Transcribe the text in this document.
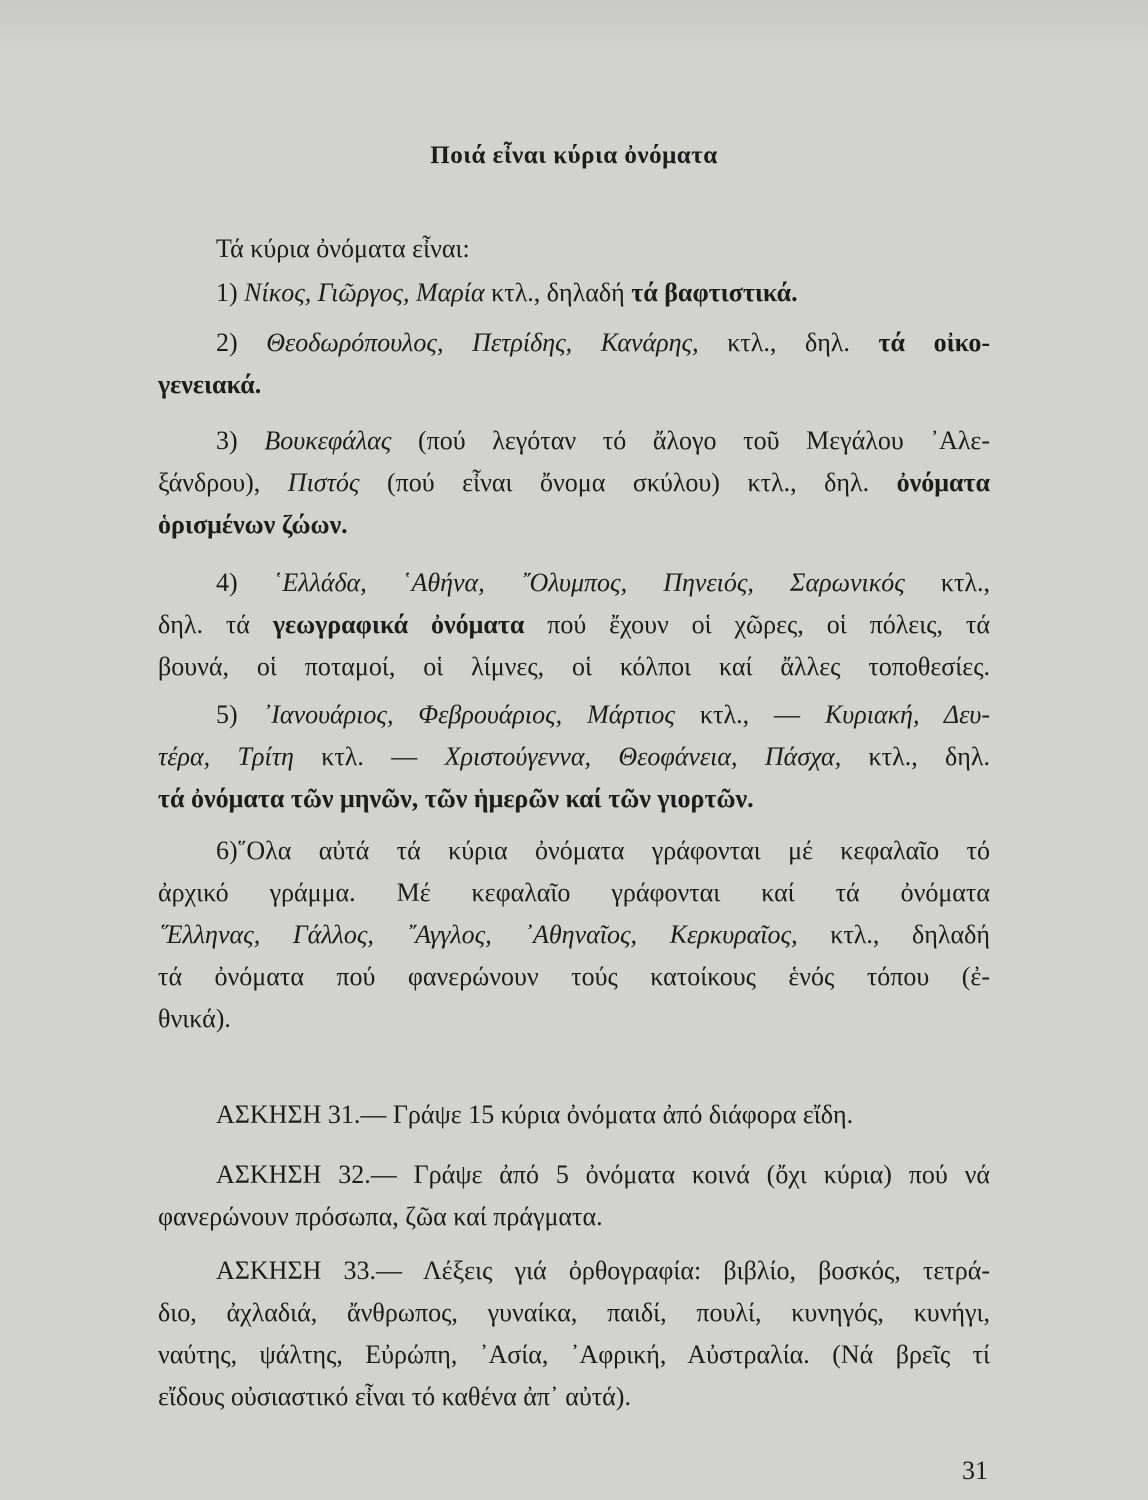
Ποιά εἶναι κύρια ὀνόματα
Τά κύρια ὀνόματα εἶναι:
1) Νίκος, Γιῶργος, Μαρία κτλ., δηλαδή τά βαφτιστικά.
2) Θεοδωρόπουλος, Πετρίδης, Κανάρης, κτλ., δηλ. τά οἰκο-
γενειακά.
3) Βουκεφάλας (πού λεγόταν τό ἄλογο τοῦ Μεγάλου ᾿Αλε-
ξάνδρου), Πιστός (πού εἶναι ὄνομα σκύλου) κτλ., δηλ. ὀνόματα
ὁρισμένων ζώων.
4) ῾Ελλάδα, ῾Αθήνα, ῎Ολυμπος, Πηνειός, Σαρωνικός κτλ.,
δηλ. τά γεωγραφικά ὀνόματα πού ἔχουν οἱ χῶρες, οἱ πόλεις, τά
βουνά, οἱ ποταμοί, οἱ λίμνες, οἱ κόλποι καί ἄλλες τοποθεσίες.
5) ᾿Ιανουάριος, Φεβρουάριος, Μάρτιος κτλ., — Κυριακή, Δευ-
τέρα, Τρίτη κτλ. — Χριστούγεννα, Θεοφάνεια, Πάσχα, κτλ., δηλ.
τά ὀνόματα τῶν μηνῶν, τῶν ἡμερῶν καί τῶν γιορτῶν.
6)῞Ολα αὐτά τά κύρια ὀνόματα γράφονται μέ κεφαλαῖο τό
ἀρχικό γράμμα. Μέ κεφαλαῖο γράφονται καί τά ὀνόματα
῞Ελληνας, Γάλλος, ῎Αγγλος, ᾿Αθηναῖος, Κερκυραῖος, κτλ., δηλαδή
τά ὀνόματα πού φανερώνουν τούς κατοίκους ἑνός τόπου (ἐ-
θνικά).
ΑΣΚΗΣΗ 31.— Γράψε 15 κύρια ὀνόματα ἀπό διάφορα εἴδη.
ΑΣΚΗΣΗ 32.— Γράψε ἀπό 5 ὀνόματα κοινά (ὄχι κύρια) πού νά
φανερώνουν πρόσωπα, ζῶα καί πράγματα.
ΑΣΚΗΣΗ 33.— Λέξεις γιά ὀρθογραφία: βιβλίο, βοσκός, τετρά-
διο, ἀχλαδιά, ἄνθρωπος, γυναίκα, παιδί, πουλί, κυνηγός, κυνήγι,
ναύτης, ψάλτης, Εὐρώπη, ᾿Ασία, ᾿Αφρική, Αὐστραλία. (Νά βρεῖς τί
εἴδους οὐσιαστικό εἶναι τό καθένα ἀπ᾿ αὐτά).
31
